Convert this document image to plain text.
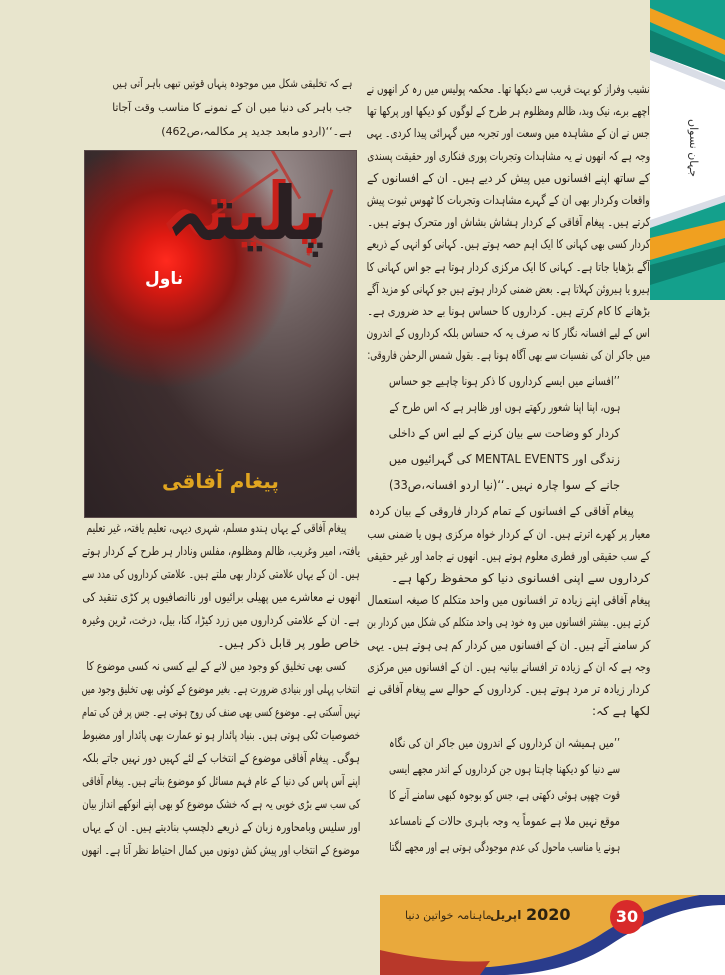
جہان نسواں
نشیب وفراز کو بہت قریب سے دیکھا تھا۔ محکمہ پولیس میں رہ کر انھوں نے
اچھے برے، نیک وبد، ظالم ومظلوم ہر طرح کے لوگوں کو دیکھا اور پرکھا تھا
جس نے ان کے مشاہدہ میں وسعت اور تجربہ میں گہرائی پیدا کردی۔ یہی
وجہ ہے کہ انھوں نے یہ مشاہدات وتجربات پوری فنکاری اور حقیقت پسندی
کے ساتھ اپنے افسانوں میں پیش کر دیے ہیں۔ ان کے افسانوں کے
واقعات وکردار بھی ان کے گہرے مشاہدات وتجربات کا ٹھوس ثبوت پیش
کرتے ہیں۔ پیغام آفاقی کے کردار ہشاش بشاش اور متحرک ہوتے ہیں۔
کردار کسی بھی کہانی کا ایک اہم حصہ ہوتے ہیں۔ کہانی کو انہی کے ذریعے
آگے بڑھایا جاتا ہے۔ کہانی کا ایک مرکزی کردار ہوتا ہے جو اس کہانی کا
ہیرو یا ہیروئن کہلاتا ہے۔ بعض ضمنی کردار ہوتے ہیں جو کہانی کو مزید آگے
بڑھانے کا کام کرتے ہیں۔ کرداروں کا حساس ہونا بے حد ضروری ہے۔
اس کے لیے افسانہ نگار کا نہ صرف یہ کہ حساس بلکہ کرداروں کے اندرون
میں جاکر ان کی نفسیات سے بھی آگاہ ہونا ہے۔ بقول شمس الرحمٰن فاروقی:
’’افسانے میں ایسے کرداروں کا ذکر ہونا چاہیے جو حساس
ہوں، اپنا اپنا شعور رکھتے ہوں اور ظاہر ہے کہ اس طرح کے
کردار کو وضاحت سے بیان کرنے کے لیے اس کے داخلی
زندگی اور MENTAL EVENTS کی گہرائیوں میں
جانے کے سوا چارہ نہیں۔‘‘(نیا اردو افسانہ،ص33)
پیغام آفاقی کے افسانوں کے تمام کردار فاروقی کے بیان کردہ
معیار پر کھرے اترتے ہیں۔ ان کے کردار خواہ مرکزی ہوں یا ضمنی سب
کے سب حقیقی اور فطری معلوم ہوتے ہیں۔ انھوں نے جامد اور غیر حقیقی
کرداروں سے اپنی افسانوی دنیا کو محفوظ رکھا ہے۔
پیغام آفاقی اپنے زیادہ تر افسانوں میں واحد متکلم کا صیغہ استعمال
کرتے ہیں۔ بیشتر افسانوں میں وہ خود ہی واحد متکلم کی شکل میں کردار بن
کر سامنے آتے ہیں۔ ان کے افسانوں میں کردار کم ہی ہوتے ہیں۔ یہی
وجہ ہے کہ ان کے زیادہ تر افسانے بیانیہ ہیں۔ ان کے افسانوں میں مرکزی
کردار زیادہ تر مرد ہوتے ہیں۔ کرداروں کے حوالے سے پیغام آفاقی نے
لکھا ہے کہ:
’’میں ہمیشہ ان کرداروں کے اندرون میں جاکر ان کی نگاہ
سے دنیا کو دیکھنا چاہتا ہوں جن کرداروں کے اندر مجھے ایسی
قوت چھپی ہوئی دکھتی ہے، جس کو بوجوہ کبھی سامنے آنے کا
موقع نہیں ملا ہے عموماً یہ وجہ باہری حالات کے نامساعد
ہونے یا مناسب ماحول کی عدم موجودگی ہوتی ہے اور مجھے لگتا
ہے کہ تخلیقی شکل میں موجودہ پنہاں قوتیں تبھی باہر آتی ہیں
جب باہر کی دنیا میں ان کے نمونے کا مناسب وقت آجاتا
ہے۔‘‘(اردو مابعد جدید پر مکالمہ،ص462)
پلیتہ
ناول
پیغام آفاقی
پیغام آفاقی کے یہاں ہندو مسلم، شہری دیہی، تعلیم یافتہ، غیر تعلیم
یافتہ، امیر وغریب، ظالم ومظلوم، مفلس ونادار ہر طرح کے کردار ہوتے
ہیں۔ ان کے یہاں علامتی کردار بھی ملتے ہیں۔ علامتی کرداروں کی مدد سے
انھوں نے معاشرے میں پھیلی برائیوں اور ناانصافیوں پر کڑی تنقید کی
ہے۔ ان کے علامتی کرداروں میں زرد کیڑا، کتا، بیل، درخت، ٹرین وغیرہ
خاص طور پر قابل ذکر ہیں۔
کسی بھی تخلیق کو وجود میں لانے کے لیے کسی نہ کسی موضوع کا
انتخاب پہلی اور بنیادی ضرورت ہے۔ بغیر موضوع کے کوئی بھی تخلیق وجود میں
نہیں آسکتی ہے۔ موضوع کسی بھی صنف کی روح ہوتی ہے۔ جس پر فن کی تمام
خصوصیات ٹکی ہوتی ہیں۔ بنیاد پائدار ہو تو عمارت بھی پائدار اور مضبوط
ہوگی۔ پیغام آفاقی موضوع کے انتخاب کے لئے کہیں دور نہیں جاتے بلکہ
اپنے آس پاس کی دنیا کے عام فہم مسائل کو موضوع بناتے ہیں۔ پیغام آفاقی
کی سب سے بڑی خوبی یہ ہے کہ خشک موضوع کو بھی اپنے انوکھے انداز بیان
اور سلیس وبامحاورہ زبان کے ذریعے دلچسپ بنادیتے ہیں۔ ان کے یہاں
موضوع کے انتخاب اور پیش کش دونوں میں کمال احتیاط نظر آتا ہے۔ انھوں
ماہنامہ خواتین دنیا
اپریل 2020	30
